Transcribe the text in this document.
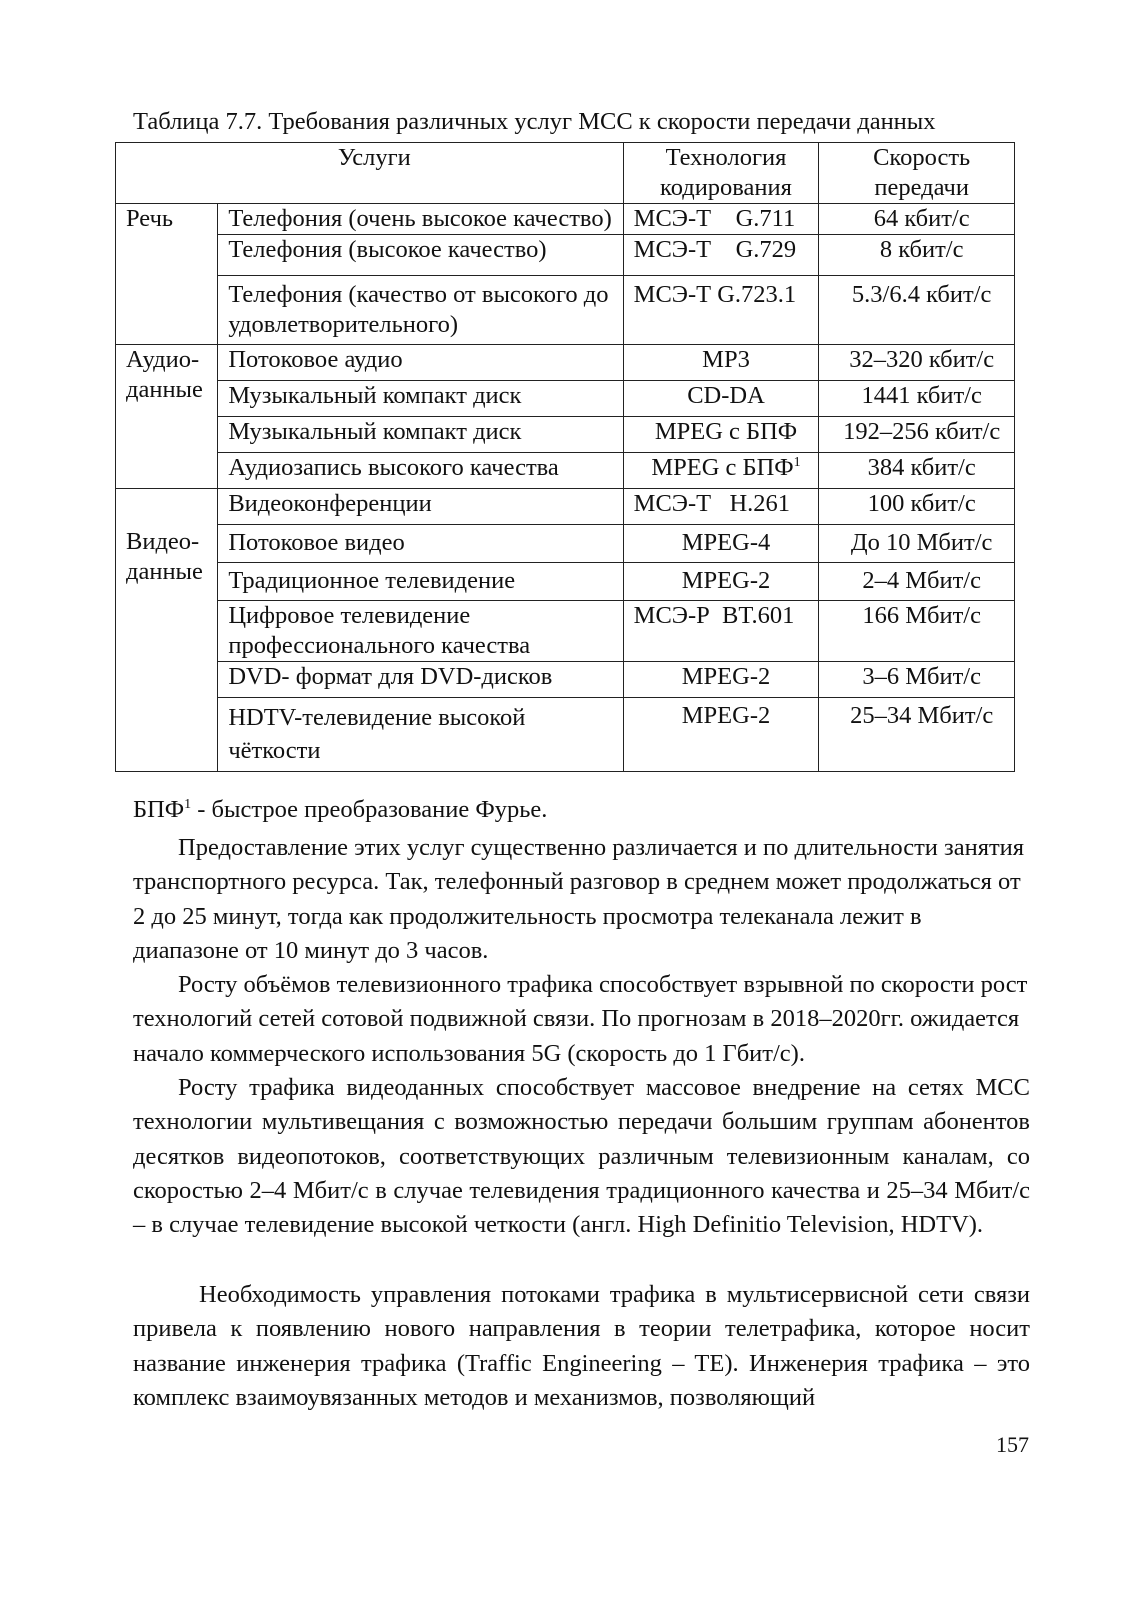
Таблица 7.7. Требования различных услуг МСС к скорости передачи данных
Услуги		Технология кодирования	Скорость передачи
Речь	Телефония (очень высокое качество)	МСЭ-Т    G.711	64 кбит/с
	Телефония (высокое качество)	МСЭ-Т    G.729	8 кбит/с
	Телефония (качество от высокого до удовлетворительного)	МСЭ-Т G.723.1	5.3/6.4 кбит/с
Аудио-данные	Потоковое аудио	MP3	32–320 кбит/с
	Музыкальный компакт диск	CD-DA	1441 кбит/с
	Музыкальный компакт диск	MPEG с БПФ	192–256 кбит/с
	Аудиозапись высокого качества	MPEG с БПФ$^1$	384 кбит/с
Видео-данные	Видеоконференции	МСЭ-Т   H.261	100 кбит/с
	Потоковое видео	MPEG-4	До 10 Мбит/с
	Традиционное телевидение	MPEG-2	2–4 Мбит/с
	Цифровое телевидение профессионального качества	МСЭ-Р  BT.601	166 Мбит/с
	DVD- формат для DVD-дисков	MPEG-2	3–6 Мбит/с
	HDTV-телевидение высокой чёткости	MPEG-2	25–34 Мбит/с
БПФ$^1$ - быстрое преобразование Фурье.
Предоставление этих услуг существенно различается и по длительности занятия транспортного ресурса. Так, телефонный разговор в среднем может продолжаться от 2 до 25 минут, тогда как продолжительность просмотра телеканала лежит в диапазоне от 10 минут до 3 часов.
Росту объёмов телевизионного трафика способствует взрывной по скорости рост технологий сетей сотовой подвижной связи. По прогнозам в 2018–2020гг. ожидается начало коммерческого использования 5G (скорость до 1 Гбит/с).
Росту трафика видеоданных способствует массовое внедрение на сетях МСС технологии мультивещания с возможностью передачи большим группам абонентов десятков видеопотоков, соответствующих различным телевизионным каналам, со скоростью 2–4 Мбит/с в случае телевидения традиционного качества и 25–34 Мбит/с – в случае телевидение высокой четкости (англ. High Definitio Television, HDTV).
Необходимость управления потоками трафика в мультисервисной сети связи привела к появлению нового направления в теории телетрафика, которое носит название инженерия трафика (Traffic Engineering – TE). Инженерия трафика – это комплекс взаимоувязанных методов и механизмов, позволяющий
157
